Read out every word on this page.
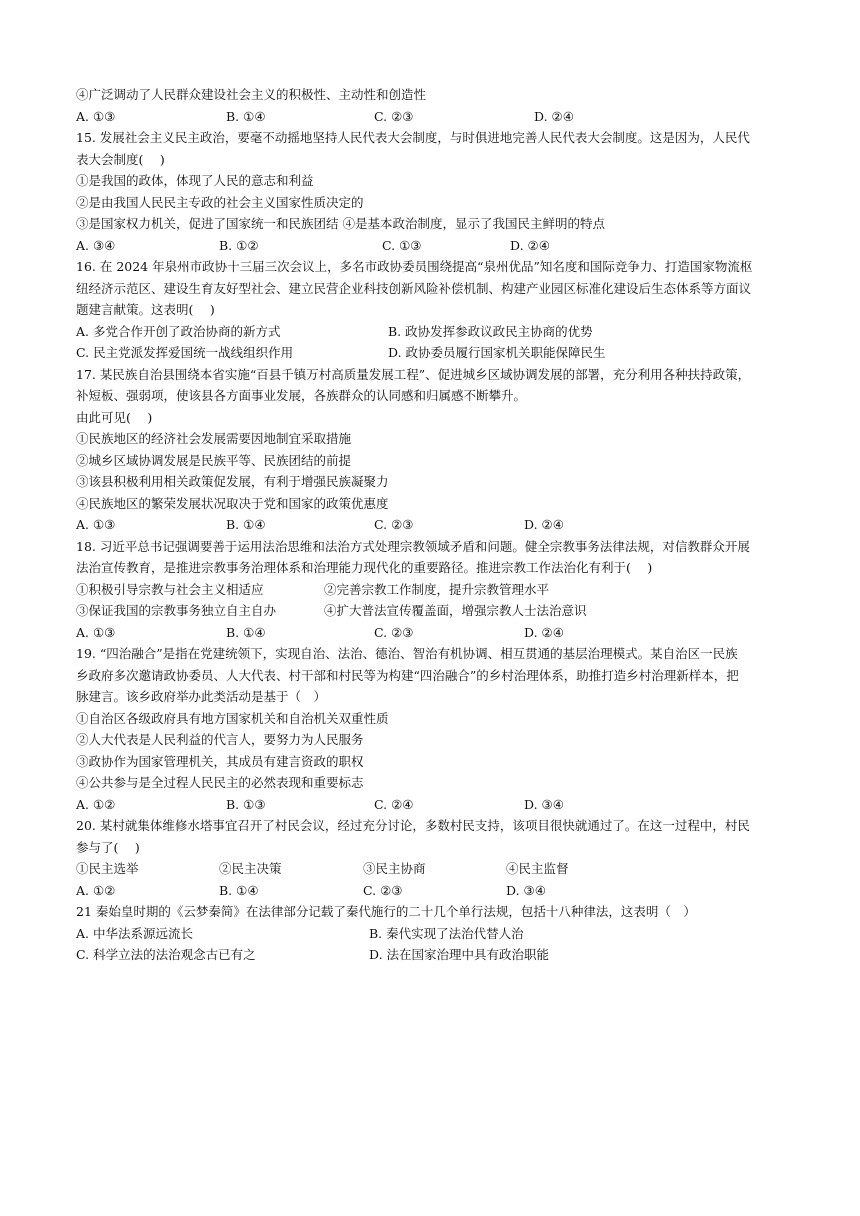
④广泛调动了人民群众建设社会主义的积极性、主动性和创造性
A. ①③	B. ①④	C. ②③	D. ②④
15. 发展社会主义民主政治，要毫不动摇地坚持人民代表大会制度，与时俱进地完善人民代表大会制度。这是因为，人民代
表大会制度(　 )
①是我国的政体，体现了人民的意志和利益
②是由我国人民民主专政的社会主义国家性质决定的
③是国家权力机关，促进了国家统一和民族团结 ④是基本政治制度，显示了我国民主鲜明的特点
A. ③④	B. ①②	C. ①③	D. ②④
16. 在 2024 年泉州市政协十三届三次会议上，多名市政协委员围绕提高“泉州优品”知名度和国际竞争力、打造国家物流枢
纽经济示范区、建设生育友好型社会、建立民营企业科技创新风险补偿机制、构建产业园区标准化建设后生态体系等方面议
题建言献策。这表明(　 )
A. 多党合作开创了政治协商的新方式	B. 政协发挥参政议政民主协商的优势
C. 民主党派发挥爱国统一战线组织作用	D. 政协委员履行国家机关职能保障民生
17. 某民族自治县围绕本省实施“百县千镇万村高质量发展工程”、促进城乡区域协调发展的部署，充分利用各种扶持政策，
补短板、强弱项，使该县各方面事业发展，各族群众的认同感和归属感不断攀升。
由此可见(　 )
①民族地区的经济社会发展需要因地制宜采取措施
②城乡区域协调发展是民族平等、民族团结的前提
③该县积极利用相关政策促发展，有利于增强民族凝聚力
④民族地区的繁荣发展状况取决于党和国家的政策优惠度
A. ①③	B. ①④	C. ②③	D. ②④
18. 习近平总书记强调要善于运用法治思维和法治方式处理宗教领域矛盾和问题。健全宗教事务法律法规，对信教群众开展
法治宣传教育，是推进宗教事务治理体系和治理能力现代化的重要路径。推进宗教工作法治化有利于(　 )
①积极引导宗教与社会主义相适应	②完善宗教工作制度，提升宗教管理水平
③保证我国的宗教事务独立自主自办	④扩大普法宣传覆盖面，增强宗教人士法治意识
A. ①③	B. ①④	C. ②③	D. ②④
19. “四治融合”是指在党建统领下，实现自治、法治、德治、智治有机协调、相互贯通的基层治理模式。某自治区一民族
乡政府多次邀请政协委员、人大代表、村干部和村民等为构建“四治融合”的乡村治理体系，助推打造乡村治理新样本，把
脉建言。该乡政府举办此类活动是基于（　）
①自治区各级政府具有地方国家机关和自治机关双重性质
②人大代表是人民利益的代言人，要努力为人民服务
③政协作为国家管理机关，其成员有建言资政的职权
④公共参与是全过程人民民主的必然表现和重要标志
A. ①②	B. ①③	C. ②④	D. ③④
20. 某村就集体维修水塔事宜召开了村民会议，经过充分讨论，多数村民支持，该项目很快就通过了。在这一过程中，村民
参与了(　 )
①民主选举	②民主决策	③民主协商	④民主监督
A. ①②	B. ①④	C. ②③	D. ③④
21 秦始皇时期的《云梦秦简》在法律部分记载了秦代施行的二十几个单行法规，包括十八种律法，这表明（　）
A. 中华法系源远流长	B. 秦代实现了法治代替人治
C. 科学立法的法治观念古已有之	D. 法在国家治理中具有政治职能
